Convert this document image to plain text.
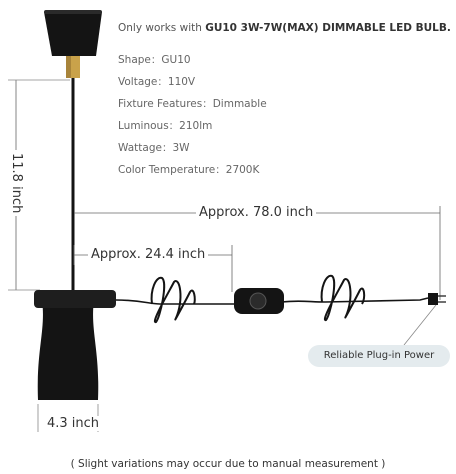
Only works with GU10 3W-7W(MAX) DIMMABLE LED BULB.
Shape：GU10
Voltage：110V
Fixture Features：Dimmable
Luminous：210lm
Wattage：3W
Color Temperature：2700K
11.8 inch	Approx. 78.0 inch
Approx. 24.4 inch
4.3 inch
Reliable Plug-in Power
( Slight variations may occur due to manual measurement )
